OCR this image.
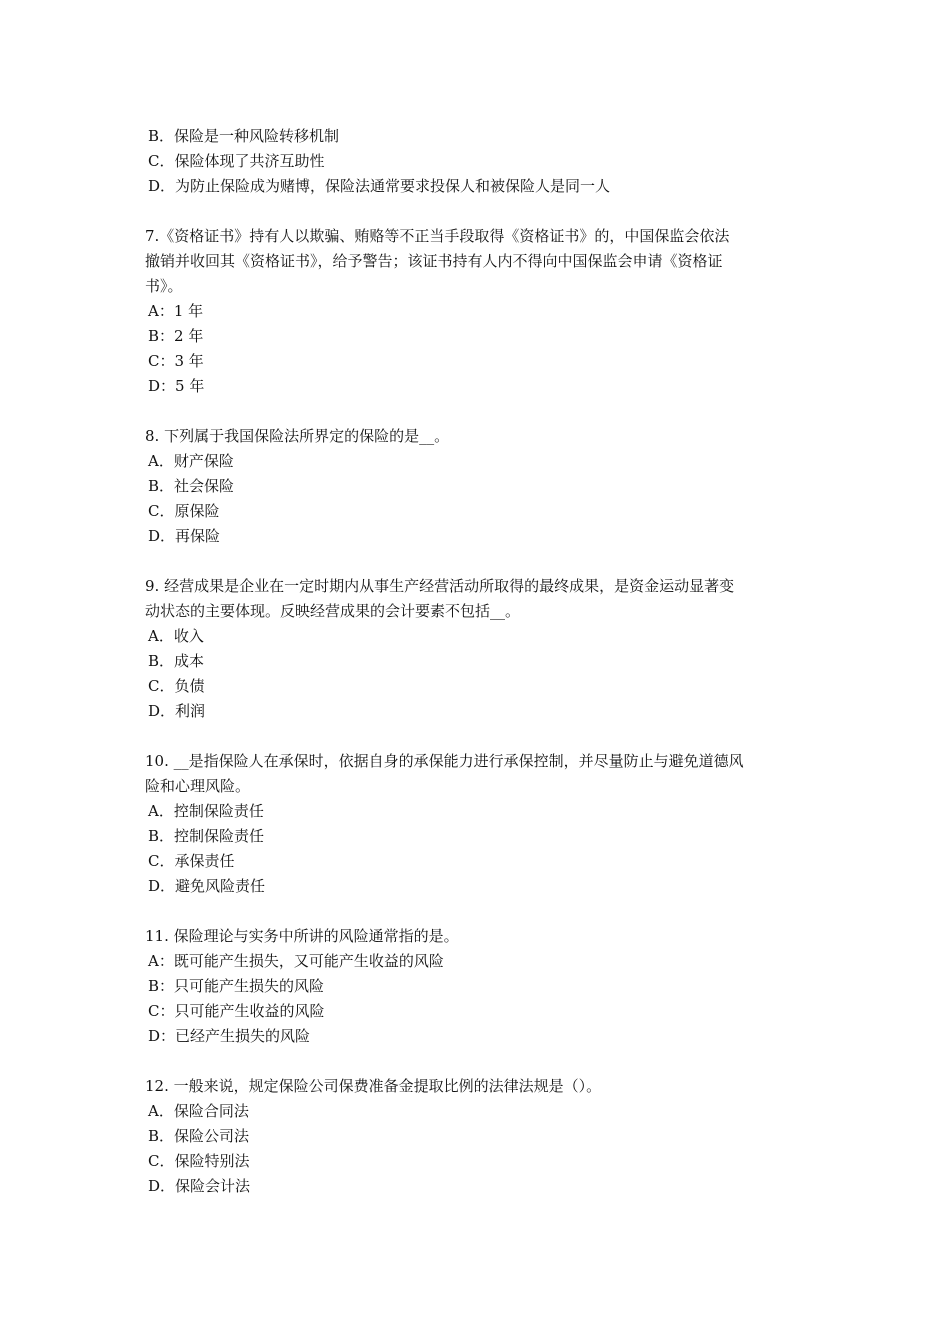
B．保险是一种风险转移机制
C．保险体现了共济互助性
D．为防止保险成为赌博，保险法通常要求投保人和被保险人是同一人
7.《资格证书》持有人以欺骗、贿赂等不正当手段取得《资格证书》的，中国保监会依法
撤销并收回其《资格证书》，给予警告；该证书持有人内不得向中国保监会申请《资格证
书》。
A：1 年
B：2 年
C：3 年
D：5 年
8. 下列属于我国保险法所界定的保险的是__。
A．财产保险
B．社会保险
C．原保险
D．再保险
9. 经营成果是企业在一定时期内从事生产经营活动所取得的最终成果，是资金运动显著变
动状态的主要体现。反映经营成果的会计要素不包括__。
A．收入
B．成本
C．负债
D．利润
10. __是指保险人在承保时，依据自身的承保能力进行承保控制，并尽量防止与避免道德风
险和心理风险。
A．控制保险责任
B．控制保险责任
C．承保责任
D．避免风险责任
11. 保险理论与实务中所讲的风险通常指的是。
A：既可能产生损失，又可能产生收益的风险
B：只可能产生损失的风险
C：只可能产生收益的风险
D：已经产生损失的风险
12. 一般来说，规定保险公司保费准备金提取比例的法律法规是（）。
A．保险合同法
B．保险公司法
C．保险特别法
D．保险会计法
